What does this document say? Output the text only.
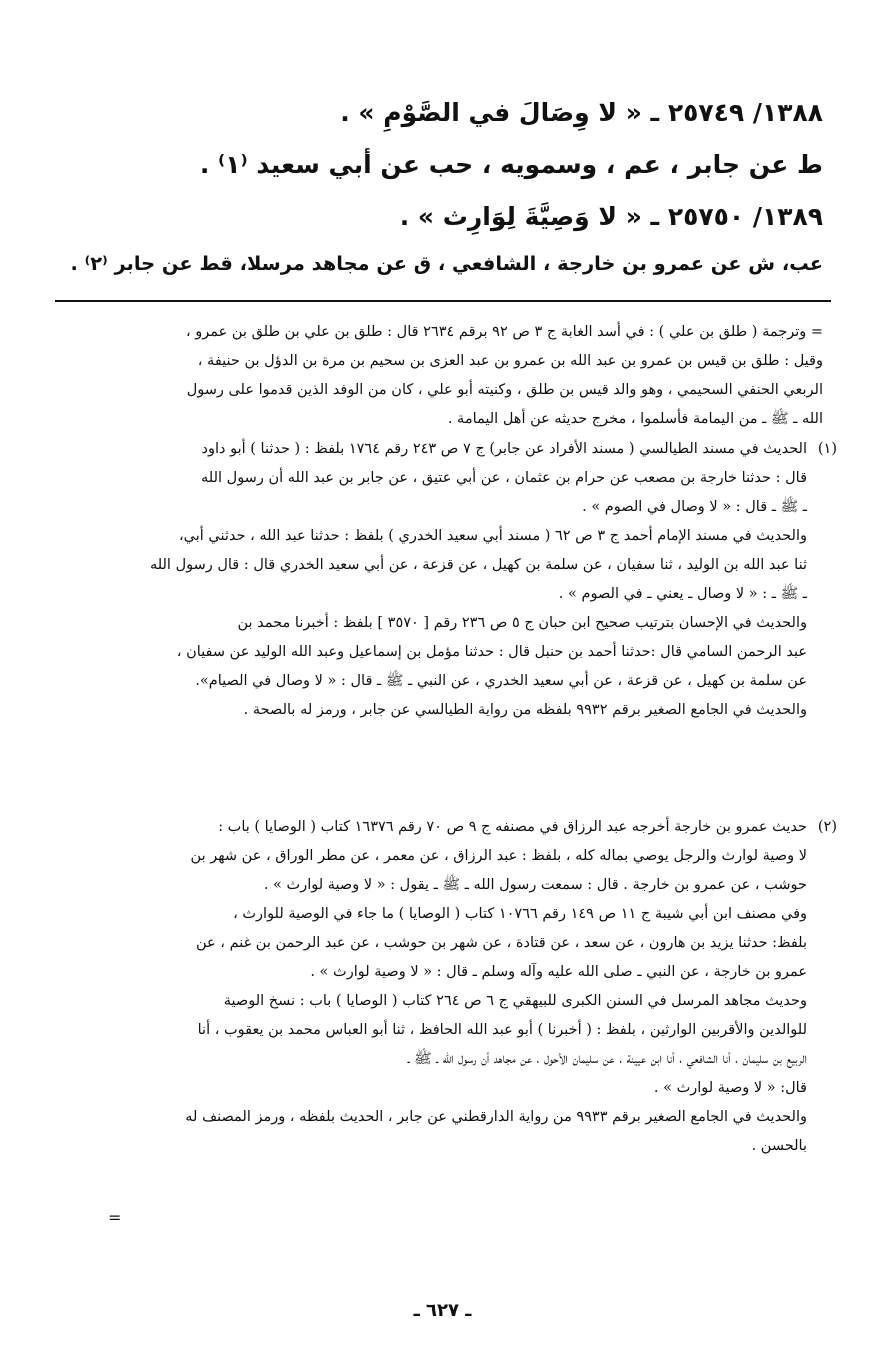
١٣٨٨/ ٢٥٧٤٩ ـ « لا وِصَالَ في الصَّوْمِ » .
ط عن جابر ، عم ، وسمويه ، حب عن أبي سعيد ⁽١⁾ .
١٣٨٩/ ٢٥٧٥٠ ـ « لا وَصِيَّةَ لِوَارِث » .
عب، ش عن عمرو بن خارجة ، الشافعي ، ق عن مجاهد مرسلا، قط عن جابر ⁽٢⁾ .
= وترجمة ( طلق بن علي ) : في أسد الغابة ج ٣ ص ٩٢ برقم ٢٦٣٤ قال : طلق بن علي بن طلق بن عمرو ،
وقيل : طلق بن قيس بن عمرو بن عبد الله بن عمرو بن عبد العزى بن سحيم بن مرة بن الدؤل بن حنيفة ،
الربعي الحنفي السحيمي ، وهو والد قيس بن طلق ، وكنيته أبو علي ، كان من الوفد الذين قدموا على رسول
الله ـ ﷺ ـ من اليمامة فأسلموا ، مخرج حديثه عن أهل اليمامة .
(١)
الحديث في مسند الطيالسي ( مسند الأفراد عن جابر) ج ٧ ص ٢٤٣ رقم ١٧٦٤ بلفظ : ( حدثنا ) أبو داود
قال : حدثنا خارجة بن مصعب عن حرام بن عثمان ، عن أبي عتيق ، عن جابر بن عبد الله أن رسول الله
ـ ﷺ ـ قال : « لا وصال في الصوم » .
والحديث في مسند الإمام أحمد ج ٣ ص ٦٢ ( مسند أبي سعيد الخدري ) بلفظ : حدثنا عبد الله ، حدثني أبي،
ثنا عبد الله بن الوليد ، ثنا سفيان ، عن سلمة بن كهيل ، عن قزعة ، عن أبي سعيد الخدري قال : قال رسول الله
ـ ﷺ ـ : « لا وصال ـ يعني ـ في الصوم » .
والحديث في الإحسان بترتيب صحيح ابن حبان ج ٥ ص ٢٣٦ رقم [ ٣٥٧٠ ] بلفظ : أخبرنا محمد بن
عبد الرحمن السامي قال :حدثنا أحمد بن حنبل قال : حدثنا مؤمل بن إسماعيل وعبد الله الوليد عن سفيان ،
عن سلمة بن كهيل ، عن قزعة ، عن أبي سعيد الخدري ، عن النبي ـ ﷺ ـ قال : « لا وصال في الصيام».
والحديث في الجامع الصغير برقم ٩٩٣٢ بلفظه من رواية الطيالسي عن جابر ، ورمز له بالصحة .
(٢)
حديث عمرو بن خارجة أخرجه عبد الرزاق في مصنفه ج ٩ ص ٧٠ رقم ١٦٣٧٦ كتاب ( الوصايا ) باب :
لا وصية لوارث والرجل يوصي بماله كله ، بلفظ : عبد الرزاق ، عن معمر ، عن مطر الوراق ، عن شهر بن
حوشب ، عن عمرو بن خارجة . قال : سمعت رسول الله ـ ﷺ ـ يقول : « لا وصية لوارث » .
وفي مصنف ابن أبي شيبة ج ١١ ص ١٤٩ رقم ١٠٧٦٦ كتاب ( الوصايا ) ما جاء في الوصية للوارث ،
بلفظ: حدثنا يزيد بن هارون ، عن سعد ، عن قتادة ، عن شهر بن حوشب ، عن عبد الرحمن بن غنم ، عن
عمرو بن خارجة ، عن النبي ـ صلى الله عليه وآله وسلم ـ قال : « لا وصية لوارث » .
وحديث مجاهد المرسل في السنن الكبرى للبيهقي ج ٦ ص ٢٦٤ كتاب ( الوصايا ) باب : نسخ الوصية
للوالدين والأقربين الوارثين ، بلفظ : ( أخبرنا ) أبو عبد الله الحافظ ، ثنا أبو العباس محمد بن يعقوب ، أنا
الربيع بن سليمان ، أنا الشافعي ، أنا ابن عيينة ، عن سليمان الأحول ، عن مجاهد أن رسول الله ـ ﷺ ـ
قال: « لا وصية لوارث » .
والحديث في الجامع الصغير برقم ٩٩٣٣ من رواية الدارقطني عن جابر ، الحديث بلفظه ، ورمز المصنف له
بالحسن .
=
ـ ٦٢٧ ـ
